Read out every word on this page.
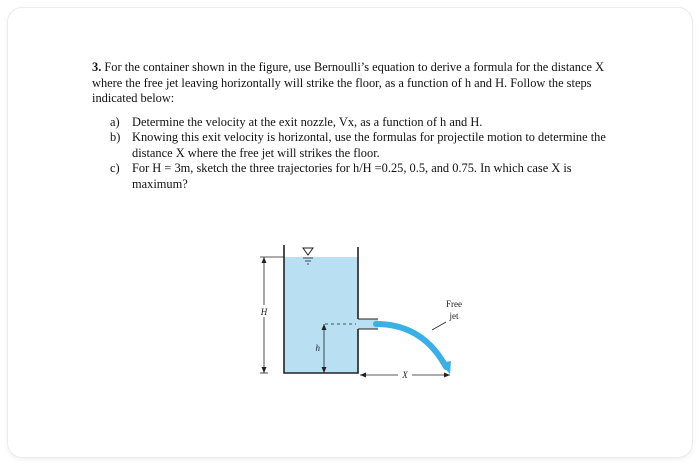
3. For the container shown in the figure, use Bernoulli’s equation to derive a formula for the distance X where the free jet leaving horizontally will strike the floor, as a function of h and H. Follow the steps indicated below:

a) Determine the velocity at the exit nozzle, Vx, as a function of h and H.
b) Knowing this exit velocity is horizontal, use the formulas for projectile motion to determine the distance X where the free jet will strikes the floor.
c) For H = 3m, sketch the three trajectories for h/H =0.25, 0.5, and 0.75. In which case X is maximum?
H
h
X
Free
jet
